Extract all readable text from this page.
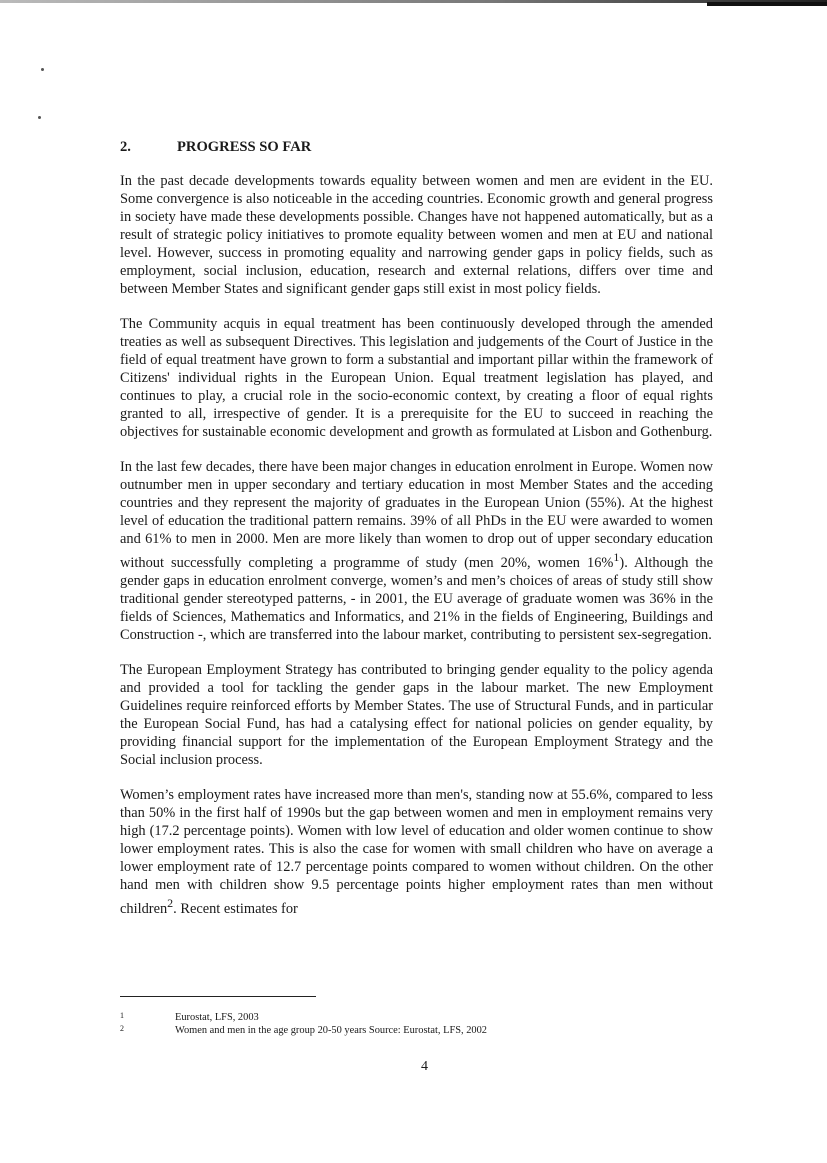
2.	PROGRESS SO FAR

In the past decade developments towards equality between women and men are evident in the EU. Some convergence is also noticeable in the acceding countries. Economic growth and general progress in society have made these developments possible. Changes have not happened automatically, but as a result of strategic policy initiatives to promote equality between women and men at EU and national level. However, success in promoting equality and narrowing gender gaps in policy fields, such as employment, social inclusion, education, research and external relations, differs over time and between Member States and significant gender gaps still exist in most policy fields.

The Community acquis in equal treatment has been continuously developed through the amended treaties as well as subsequent Directives. This legislation and judgements of the Court of Justice in the field of equal treatment have grown to form a substantial and important pillar within the framework of Citizens' individual rights in the European Union. Equal treatment legislation has played, and continues to play, a crucial role in the socio-economic context, by creating a floor of equal rights granted to all, irrespective of gender. It is a prerequisite for the EU to succeed in reaching the objectives for sustainable economic development and growth as formulated at Lisbon and Gothenburg.

In the last few decades, there have been major changes in education enrolment in Europe. Women now outnumber men in upper secondary and tertiary education in most Member States and the acceding countries and they represent the majority of graduates in the European Union (55%). At the highest level of education the traditional pattern remains. 39% of all PhDs in the EU were awarded to women and 61% to men in 2000. Men are more likely than women to drop out of upper secondary education without successfully completing a programme of study (men 20%, women 16%$^1$). Although the gender gaps in education enrolment converge, women’s and men’s choices of areas of study still show traditional gender stereotyped patterns, - in 2001, the EU average of graduate women was 36% in the fields of Sciences, Mathematics and Informatics, and 21% in the fields of Engineering, Buildings and Construction -, which are transferred into the labour market, contributing to persistent sex-segregation.

The European Employment Strategy has contributed to bringing gender equality to the policy agenda and provided a tool for tackling the gender gaps in the labour market. The new Employment Guidelines require reinforced efforts by Member States. The use of Structural Funds, and in particular the European Social Fund, has had a catalysing effect for national policies on gender equality, by providing financial support for the implementation of the European Employment Strategy and the Social inclusion process.

Women’s employment rates have increased more than men's, standing now at 55.6%, compared to less than 50% in the first half of 1990s but the gap between women and men in employment remains very high (17.2 percentage points). Women with low level of education and older women continue to show lower employment rates. This is also the case for women with small children who have on average a lower employment rate of 12.7 percentage points compared to women without children. On the other hand men with children show 9.5 percentage points higher employment rates than men without children$^2$. Recent estimates for

1	Eurostat, LFS, 2003
2	Women and men in the age group 20-50 years Source: Eurostat, LFS, 2002
4
